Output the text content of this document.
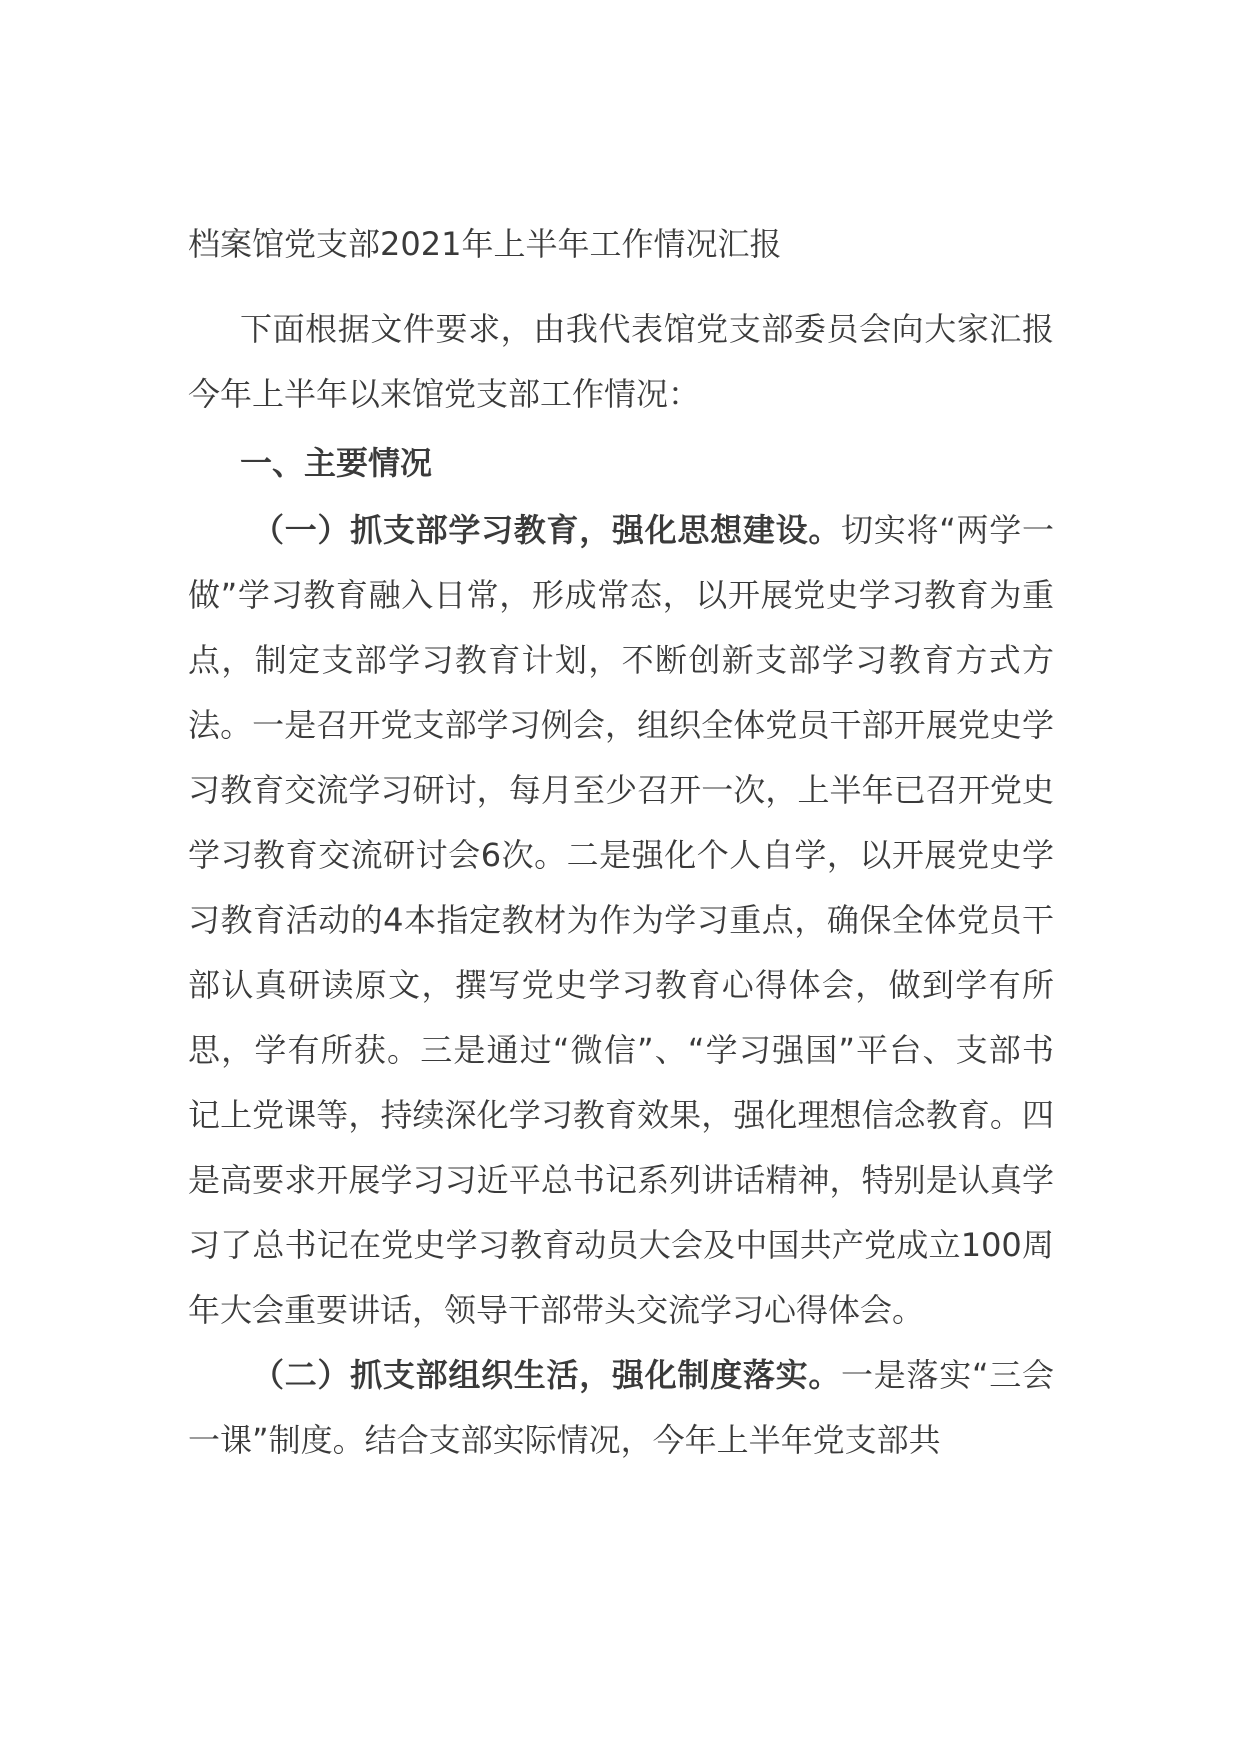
档案馆党支部2021年上半年工作情况汇报

下面根据文件要求，由我代表馆党支部委员会向大家汇报今年上半年以来馆党支部工作情况：

一、主要情况

（一）抓支部学习教育，强化思想建设。切实将“两学一做”学习教育融入日常，形成常态，以开展党史学习教育为重点，制定支部学习教育计划，不断创新支部学习教育方式方法。一是召开党支部学习例会，组织全体党员干部开展党史学习教育交流学习研讨，每月至少召开一次，上半年已召开党史学习教育交流研讨会6次。二是强化个人自学，以开展党史学习教育活动的4本指定教材为作为学习重点，确保全体党员干部认真研读原文，撰写党史学习教育心得体会，做到学有所思，学有所获。三是通过“微信”、“学习强国”平台、支部书记上党课等，持续深化学习教育效果，强化理想信念教育。四是高要求开展学习习近平总书记系列讲话精神，特别是认真学习了总书记在党史学习教育动员大会及中国共产党成立100周年大会重要讲话，领导干部带头交流学习心得体会。

（二）抓支部组织生活，强化制度落实。一是落实“三会一课”制度。结合支部实际情况，今年上半年党支部共
